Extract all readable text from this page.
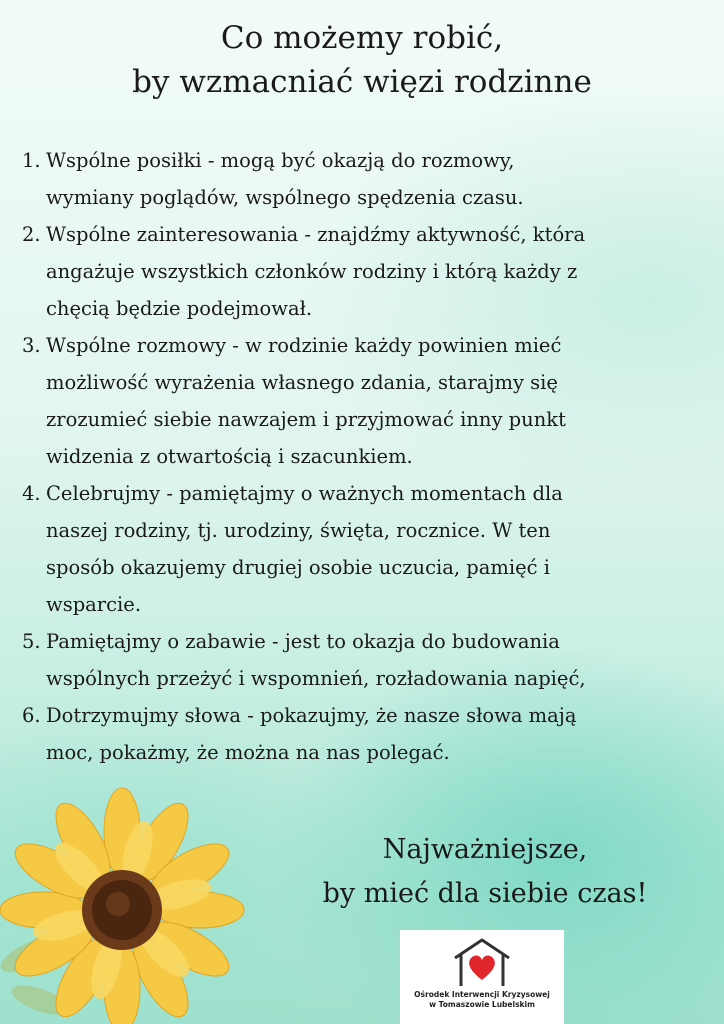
Co możemy robić,
by wzmacniać więzi rodzinne
1. Wspólne posiłki - mogą być okazją do rozmowy,
wymiany poglądów, wspólnego spędzenia czasu.
2. Wspólne zainteresowania - znajdźmy aktywność, która
angażuje wszystkich członków rodziny i którą każdy z
chęcią będzie podejmował.
3. Wspólne rozmowy - w rodzinie każdy powinien mieć
możliwość wyrażenia własnego zdania, starajmy się
zrozumieć siebie nawzajem i przyjmować inny punkt
widzenia z otwartością i szacunkiem.
4. Celebrujmy - pamiętajmy o ważnych momentach dla
naszej rodziny, tj. urodziny, święta, rocznice. W ten
sposób okazujemy drugiej osobie uczucia, pamięć i
wsparcie.
5. Pamiętajmy o zabawie - jest to okazja do budowania
wspólnych przeżyć i wspomnień, rozładowania napięć,
6. Dotrzymujmy słowa - pokazujmy, że nasze słowa mają
moc, pokażmy, że można na nas polegać.
Najważniejsze,
by mieć dla siebie czas!
Ośrodek Interwencji Kryzysowej
w Tomaszowie Lubelskim
